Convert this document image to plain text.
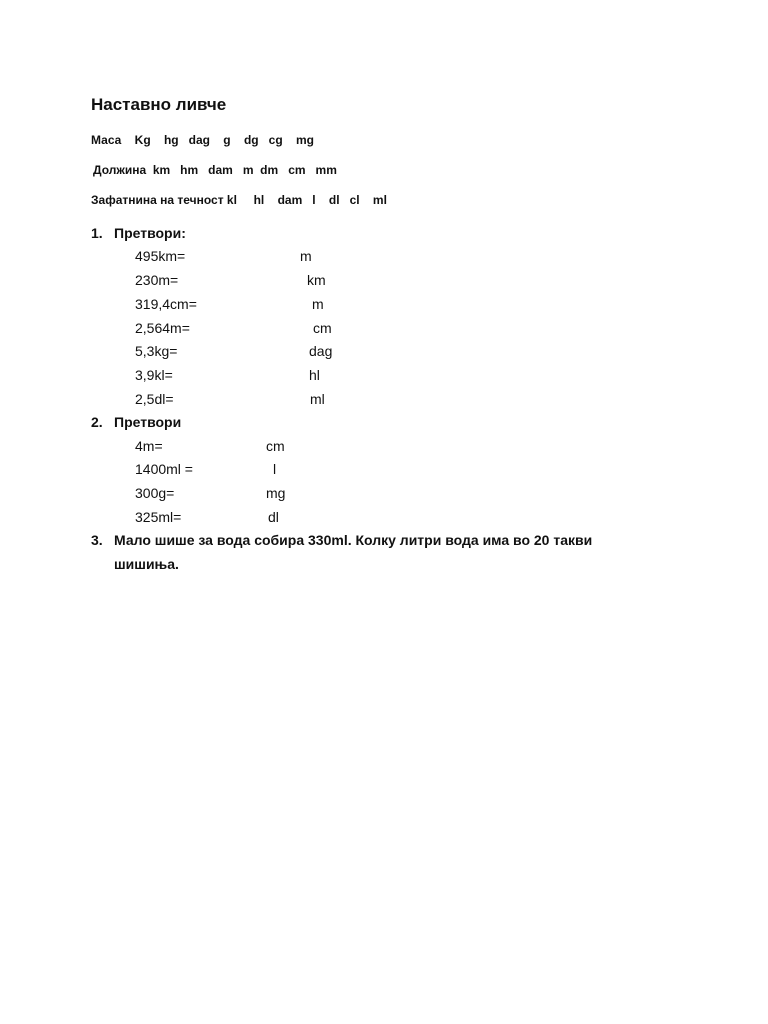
Наставно ливче
Маса    Kg    hg   dag    g    dg   cg    mg
Должина  km   hm   dam   m  dm   cm   mm
Зафатнина на течност kl     hl    dam   l    dl   cl    ml
1. Претвори:
495km=	m
230m=	km
319,4cm=	m
2,564m=	cm
5,3kg=	dag
3,9kl=	hl
2,5dl=	ml
2. Претвори
4m=	cm
1400ml =	l
300g=	mg
325ml=	dl
3. Мало шише за вода собира 330ml. Колку литри вода има во 20 такви
шишиња.
